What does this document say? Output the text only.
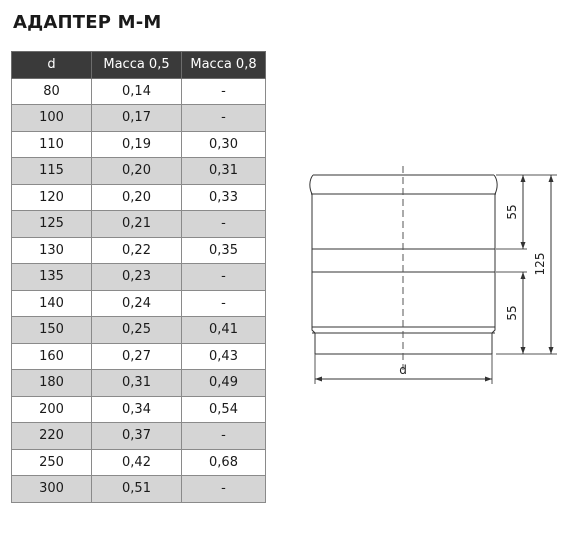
АДАПТЕР М-М
d	Масса 0,5	Масса 0,8
80	0,14	-
100	0,17	-
110	0,19	0,30
115	0,20	0,31
120	0,20	0,33
125	0,21	-
130	0,22	0,35
135	0,23	-
140	0,24	-
150	0,25	0,41
160	0,27	0,43
180	0,31	0,49
200	0,34	0,54
220	0,37	-
250	0,42	0,68
300	0,51	-
55
55
125
d
